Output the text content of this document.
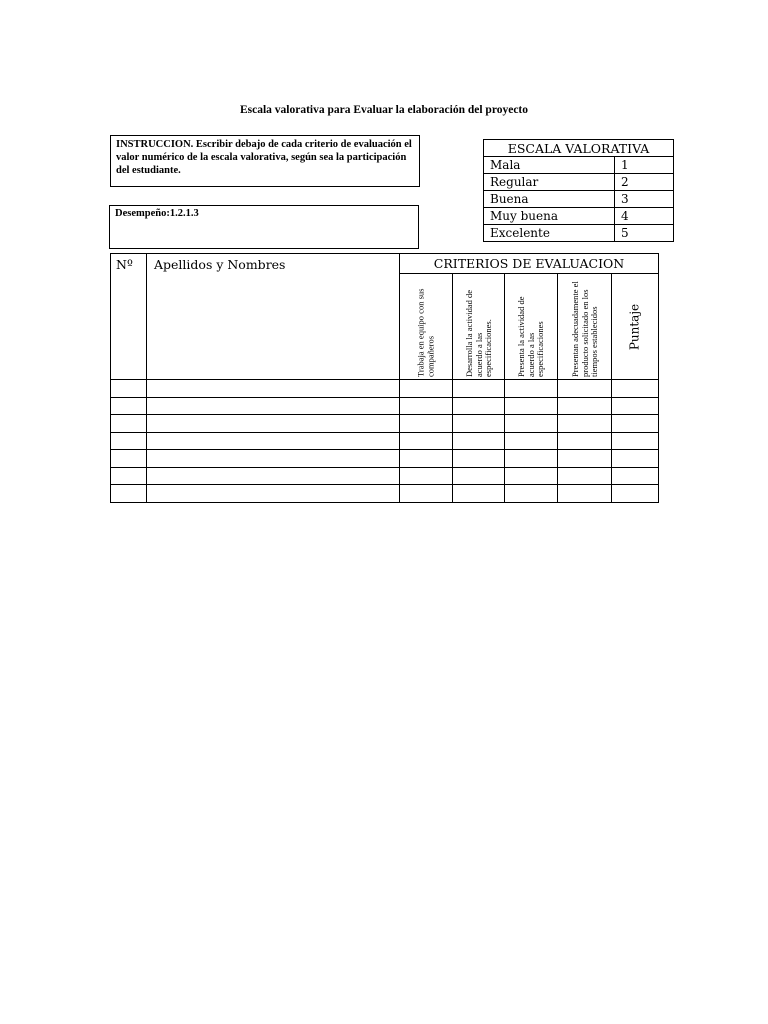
Escala valorativa para Evaluar la elaboración del proyecto
INSTRUCCION. Escribir debajo de cada criterio de evaluación el valor numérico de la escala valorativa, según sea la participación del estudiante.
Desempeño:1.2.1.3
ESCALA VALORATIVA	
Mala	1
Regular	2
Buena	3
Muy buena	4
Excelente	5
Nº	Apellidos y Nombres	CRITERIOS DE EVALUACION				

		Trabaja en equipo con sus compañeros	Desarrolla la actividad de acuerdo a las especificaciones.	Presenta la actividad de acuerdo a las especificaciones	Presentan adecuadamente el producto solicitado en los tiempos establecidos	Puntaje
